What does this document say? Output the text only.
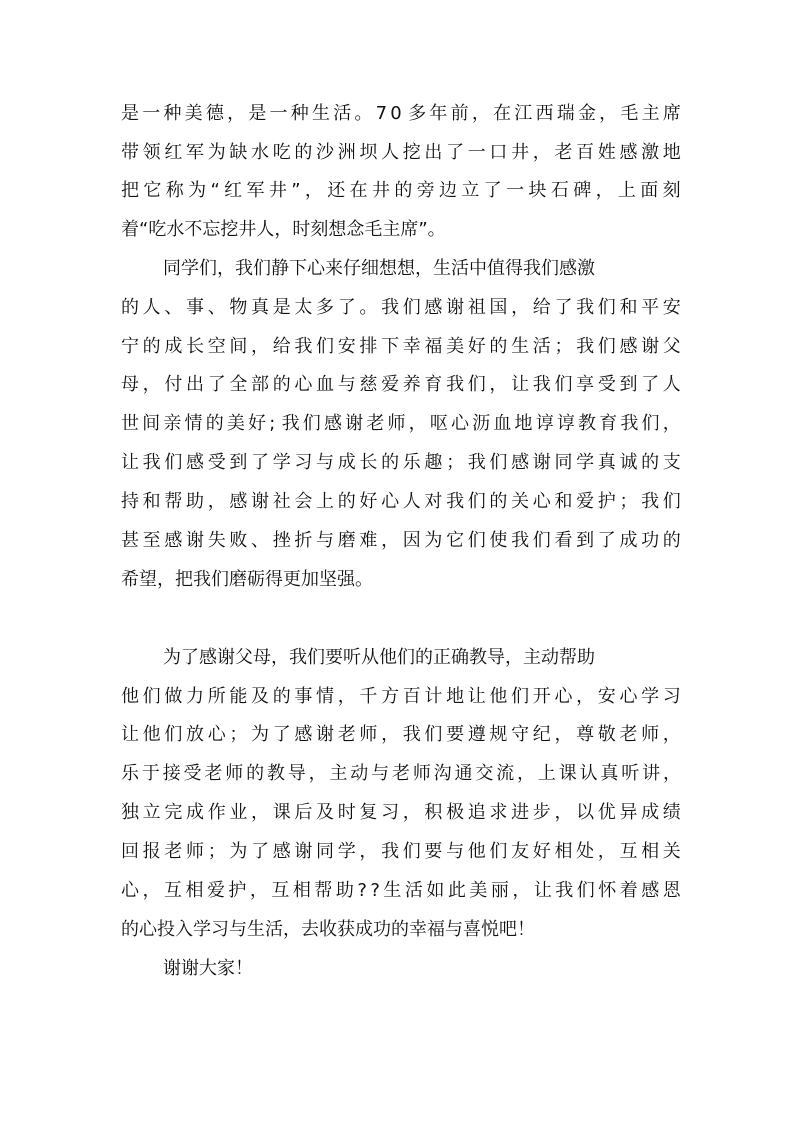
是 一 种 美 德 ， 是 一 种 生 活 。 7 0 多 年 前 ， 在 江 西 瑞 金 ， 毛 主 席
带 领 红 军 为 缺 水 吃 的 沙 洲 坝 人 挖 出 了 一 口 井 ， 老 百 姓 感 激 地
把 它 称 为 “ 红 军 井 ” ， 还 在 井 的 旁 边 立 了 一 块 石 碑 ， 上 面 刻
着“吃水不忘挖井人，时刻想念毛主席”。
同学们，我们静下心来仔细想想，生活中值得我们感激
的 人 、 事 、 物 真 是 太 多 了 。 我 们 感 谢 祖 国 ， 给 了 我 们 和 平 安
宁 的 成 长 空 间 ， 给 我 们 安 排 下 幸 福 美 好 的 生 活 ； 我 们 感 谢 父
母 ， 付 出 了 全 部 的 心 血 与 慈 爱 养 育 我 们 ， 让 我 们 享 受 到 了 人
世 间 亲 情 的 美 好 ; 我 们 感 谢 老 师 ， 呕 心 沥 血 地 谆 谆 教 育 我 们 ，
让 我 们 感 受 到 了 学 习 与 成 长 的 乐 趣 ； 我 们 感 谢 同 学 真 诚 的 支
持 和 帮 助 ， 感 谢 社 会 上 的 好 心 人 对 我 们 的 关 心 和 爱 护 ； 我 们
甚 至 感 谢 失 败 、 挫 折 与 磨 难 ， 因 为 它 们 使 我 们 看 到 了 成 功 的
希望，把我们磨砺得更加坚强。
为了感谢父母，我们要听从他们的正确教导，主动帮助
他 们 做 力 所 能 及 的 事 情 ， 千 方 百 计 地 让 他 们 开 心 ， 安 心 学 习
让 他 们 放 心 ； 为 了 感 谢 老 师 ， 我 们 要 遵 规 守 纪 ， 尊 敬 老 师 ，
乐 于 接 受 老 师 的 教 导 ， 主 动 与 老 师 沟 通 交 流 ， 上 课 认 真 听 讲 ，
独 立 完 成 作 业 ， 课 后 及 时 复 习 ， 积 极 追 求 进 步 ， 以 优 异 成 绩
回 报 老 师 ； 为 了 感 谢 同 学 ， 我 们 要 与 他 们 友 好 相 处 ， 互 相 关
心 ， 互 相 爱 护 ， 互 相 帮 助 ? ? 生 活 如 此 美 丽 ， 让 我 们 怀 着 感 恩
的心投入学习与生活，去收获成功的幸福与喜悦吧！
谢谢大家！
